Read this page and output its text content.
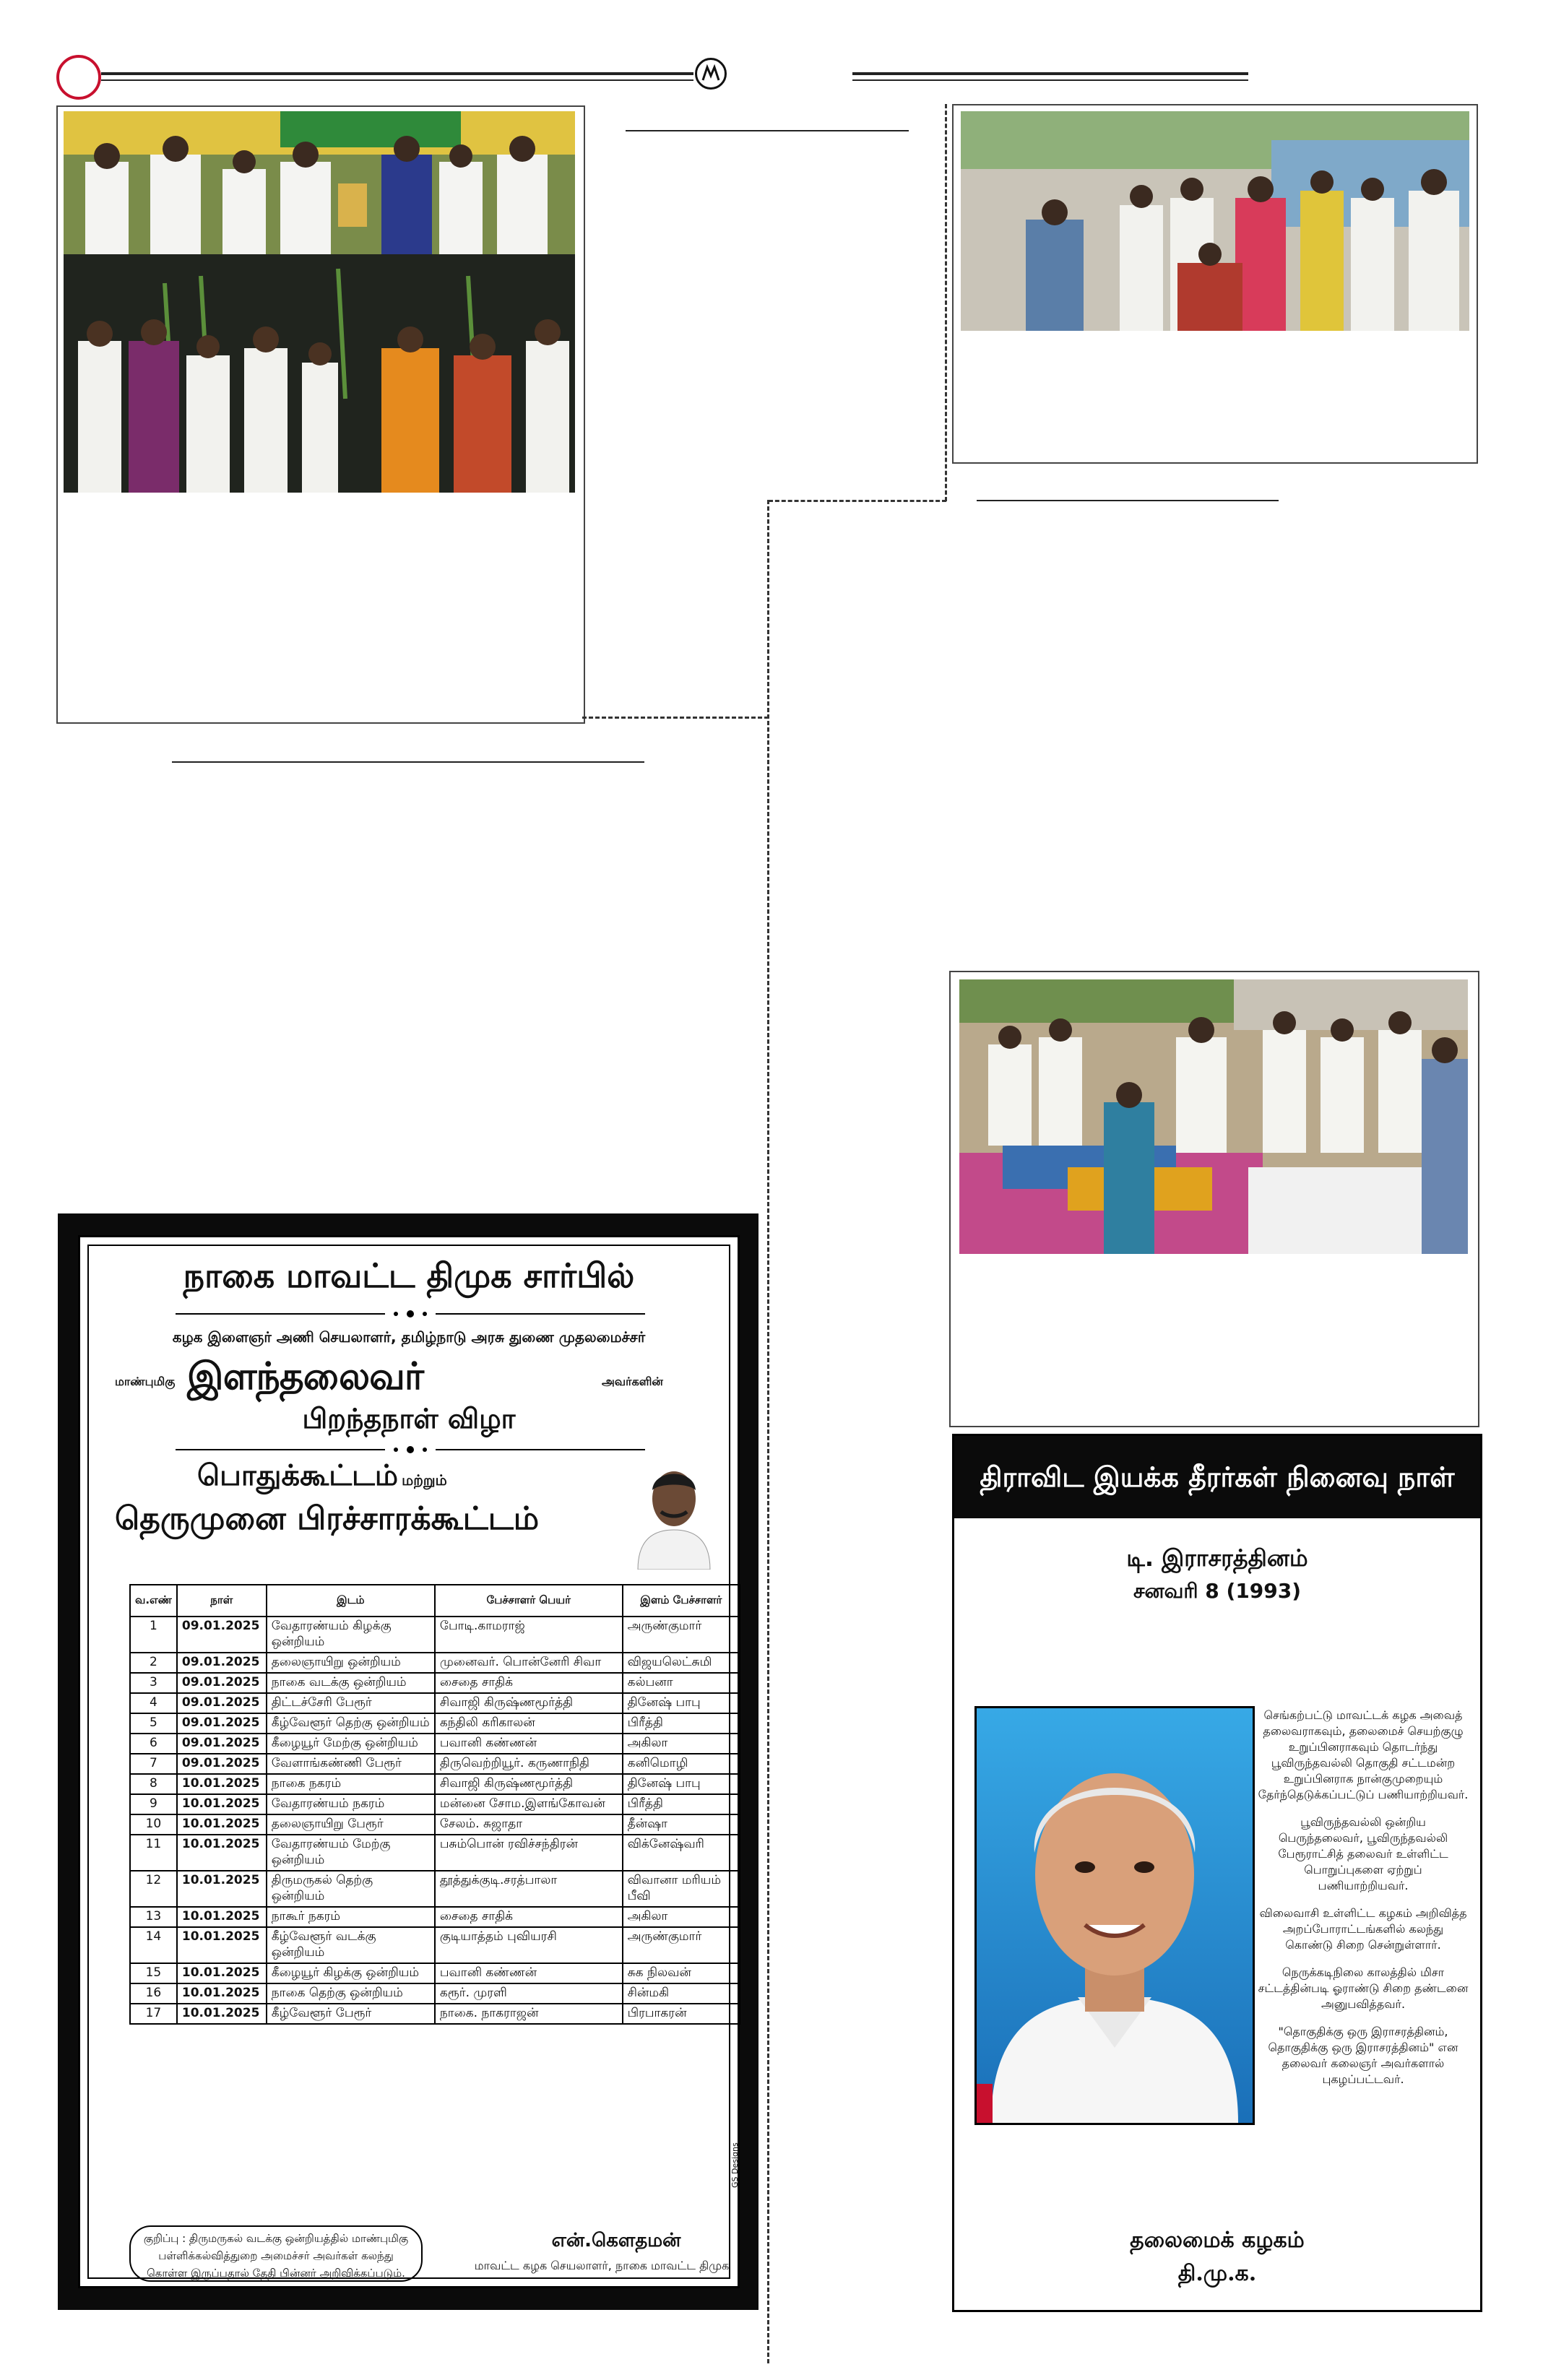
நாகை மாவட்ட திமுக சார்பில்
கழக இளைஞர் அணி செயலாளர், தமிழ்நாடு அரசு துணை முதலமைச்சர்
மாண்புமிகு இளந்தலைவர்	அவர்களின்
பிறந்தநாள் விழா
பொதுக்கூட்டம் மற்றும்
தெருமுனை பிரச்சாரக்கூட்டம்
வ.எண்	நாள்	இடம்	பேச்சாளர் பெயர்	இளம் பேச்சாளர்
1	09.01.2025	வேதாரண்யம் கிழக்கு ஒன்றியம்	போடி.காமராஜ்	அருண்குமார்
2	09.01.2025	தலைஞாயிறு ஒன்றியம்	முனைவர். பொன்னேரி சிவா	விஜயலெட்சுமி
3	09.01.2025	நாகை வடக்கு ஒன்றியம்	சைதை சாதிக்	கல்பனா
4	09.01.2025	திட்டச்சேரி பேரூர்	சிவாஜி கிருஷ்ணமூர்த்தி	தினேஷ் பாபு
5	09.01.2025	கீழ்வேளூர் தெற்கு ஒன்றியம்	கந்திலி கரிகாலன்	பிரீத்தி
6	09.01.2025	கீழையூர் மேற்கு ஒன்றியம்	பவானி கண்ணன்	அகிலா
7	09.01.2025	வேளாங்கண்ணி பேரூர்	திருவெற்றியூர். கருணாநிதி	கனிமொழி
8	10.01.2025	நாகை நகரம்	சிவாஜி கிருஷ்ணமூர்த்தி	தினேஷ் பாபு
9	10.01.2025	வேதாரண்யம் நகரம்	மன்னை சோம.இளங்கோவன்	பிரீத்தி
10	10.01.2025	தலைஞாயிறு பேரூர்	சேலம். சுஜாதா	தீன்ஷா
11	10.01.2025	வேதாரண்யம் மேற்கு ஒன்றியம்	பசும்பொன் ரவிச்சந்திரன்	விக்னேஷ்வரி
12	10.01.2025	திருமருகல் தெற்கு ஒன்றியம்	தூத்துக்குடி.சரத்பாலா	விவானா மரியம் பீவி
13	10.01.2025	நாகூர் நகரம்	சைதை சாதிக்	அகிலா
14	10.01.2025	கீழ்வேளூர் வடக்கு ஒன்றியம்	குடியாத்தம் புவியரசி	அருண்குமார்
15	10.01.2025	கீழையூர் கிழக்கு ஒன்றியம்	பவானி கண்ணன்	சுக நிலவன்
16	10.01.2025	நாகை தெற்கு ஒன்றியம்	கரூர். முரளி	சின்மகி
17	10.01.2025	கீழ்வேளூர் பேரூர்	நாகை. நாகராஜன்	பிரபாகரன்
GS Designs
குறிப்பு : திருமருகல் வடக்கு ஒன்றியத்தில் மாண்புமிகு பள்ளிக்கல்வித்துறை அமைச்சர் அவர்கள் கலந்து கொள்ள இருப்பதால் தேதி பின்னர் அறிவிக்கப்படும்.
என்.கௌதமன்
மாவட்ட கழக செயலாளர், நாகை மாவட்ட திமுக
திராவிட இயக்க தீரர்கள் நினைவு நாள்
டி. இராசரத்தினம்
சனவரி 8 (1993)

செங்கற்பட்டு மாவட்டக் கழக அவைத் தலைவராகவும், தலைமைச் செயற்குழு உறுப்பினராகவும் தொடர்ந்து பூவிருந்தவல்லி தொகுதி சட்டமன்ற உறுப்பினராக நான்குமுறையும் தேர்ந்தெடுக்கப்பட்டுப் பணியாற்றியவர்.

பூவிருந்தவல்லி ஒன்றிய பெருந்தலைவர், பூவிருந்தவல்லி பேரூராட்சித் தலைவர் உள்ளிட்ட பொறுப்புகளை ஏற்றுப் பணியாற்றியவர்.

விலைவாசி உள்ளிட்ட கழகம் அறிவித்த அறப்போராட்டங்களில் கலந்து கொண்டு சிறை சென்றுள்ளார்.

நெருக்கடிநிலை காலத்தில் மிசா சட்டத்தின்படி ஓராண்டு சிறை தண்டனை அனுபவித்தவர்.

"தொகுதிக்கு ஒரு இராசரத்தினம், தொகுதிக்கு ஒரு இராசரத்தினம்" என தலைவர் கலைஞர் அவர்களால் புகழப்பட்டவர்.

தலைமைக் கழகம்
தி.மு.க.
